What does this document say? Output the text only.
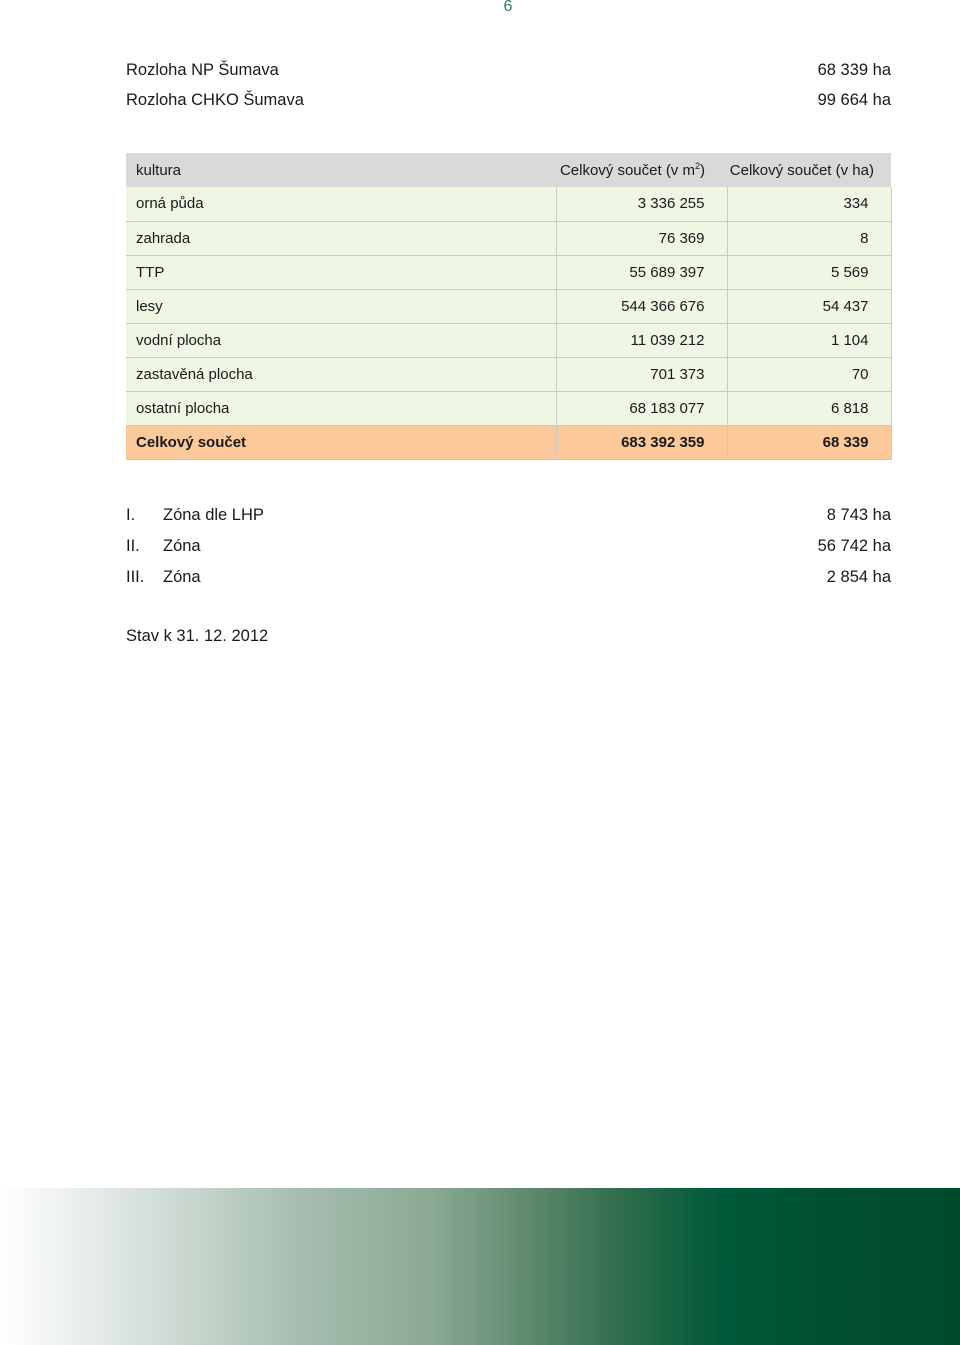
6
Rozloha NP Šumava	68 339 ha
Rozloha CHKO Šumava	99 664 ha
kultura	Celkový součet (v $m^2$)	Celkový součet (v ha)
orná půda	3 336 255	334
zahrada	76 369	8
TTP	55 689 397	5 569
lesy	544 366 676	54 437
vodní plocha	11 039 212	1 104
zastavěná plocha	701 373	70
ostatní plocha	68 183 077	6 818
Celkový součet	683 392 359	68 339
I.	Zóna dle LHP	8 743 ha
II.	Zóna	56 742 ha
III.	Zóna	2 854 ha
Stav k 31. 12. 2012
